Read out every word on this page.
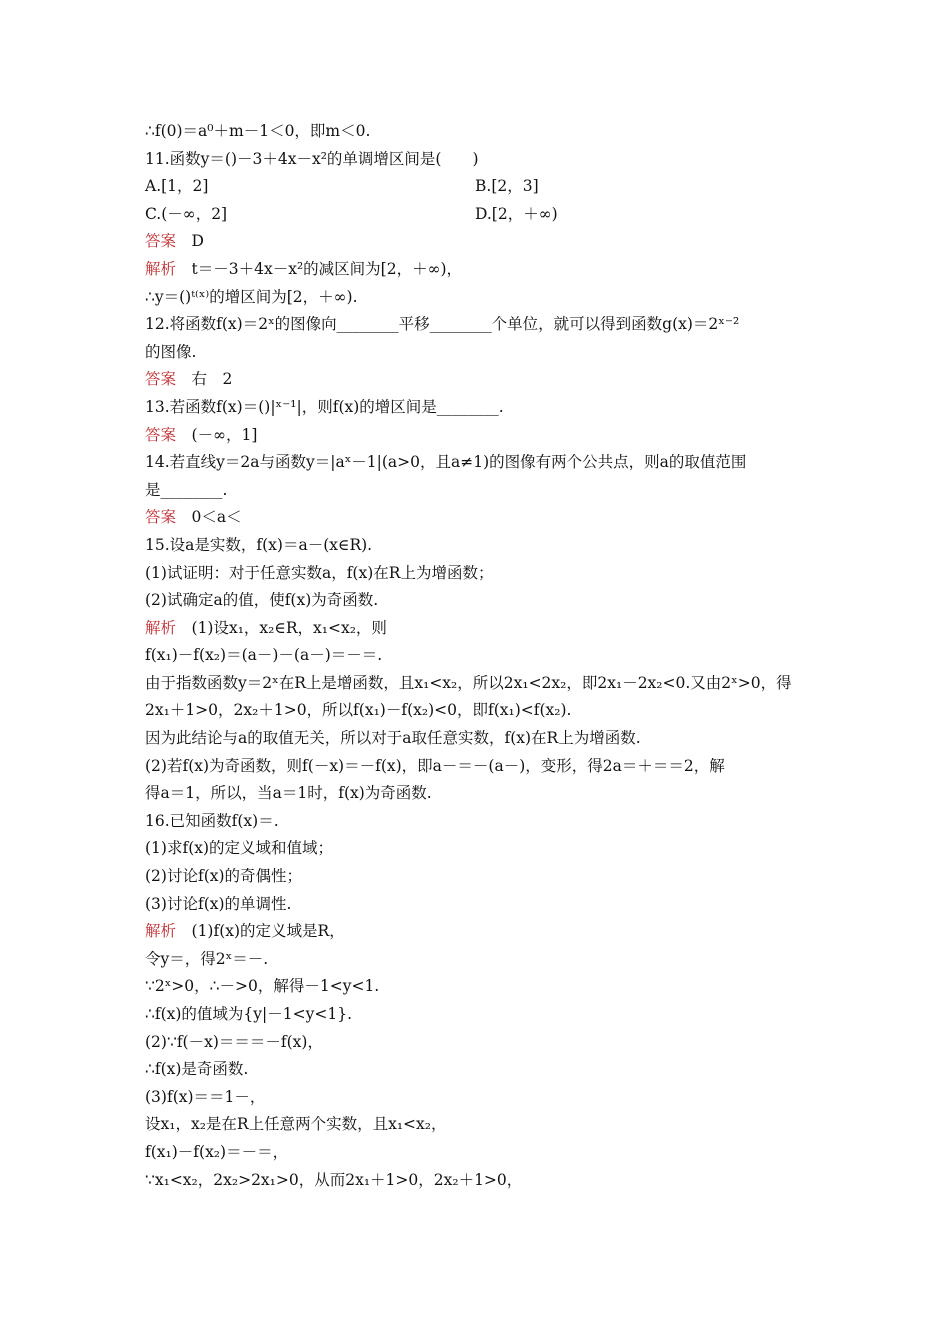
∴f(0)＝a⁰＋m－1＜0，即m＜0.
11.函数y＝()－3＋4x－x²的单调增区间是(　　)
A.[1，2]	B.[2，3]
C.(－∞，2]	D.[2，＋∞)
答案　D
解析　t＝－3＋4x－x²的减区间为[2，＋∞)，
∴y＝()ᵗ⁽ˣ⁾的增区间为[2，＋∞).
12.将函数f(x)＝2ˣ的图像向________平移________个单位，就可以得到函数g(x)＝2ˣ⁻²
的图像.
答案　右　2
13.若函数f(x)＝()|ˣ⁻¹|，则f(x)的增区间是________.
答案　(－∞，1]
14.若直线y＝2a与函数y＝|aˣ－1|(a>0，且a≠1)的图像有两个公共点，则a的取值范围
是________.
答案　0＜a＜
15.设a是实数，f(x)＝a－(x∈R).
(1)试证明：对于任意实数a，f(x)在R上为增函数；
(2)试确定a的值，使f(x)为奇函数.
解析　(1)设x₁，x₂∈R，x₁<x₂，则
f(x₁)－f(x₂)＝(a－)－(a－)＝－＝.
由于指数函数y＝2ˣ在R上是增函数，且x₁<x₂，所以2x₁<2x₂，即2x₁－2x₂<0.又由2ˣ>0，得
2x₁＋1>0，2x₂＋1>0，所以f(x₁)－f(x₂)<0，即f(x₁)<f(x₂).
因为此结论与a的取值无关，所以对于a取任意实数，f(x)在R上为增函数.
(2)若f(x)为奇函数，则f(－x)＝－f(x)，即a－＝－(a－)，变形，得2a＝＋＝＝2，解
得a＝1，所以，当a＝1时，f(x)为奇函数.
16.已知函数f(x)＝.
(1)求f(x)的定义域和值域；
(2)讨论f(x)的奇偶性；
(3)讨论f(x)的单调性.
解析　(1)f(x)的定义域是R，
令y＝，得2ˣ＝－.
∵2ˣ>0，∴－>0，解得－1<y<1.
∴f(x)的值域为{y|－1<y<1}.
(2)∵f(－x)＝＝＝－f(x)，
∴f(x)是奇函数.
(3)f(x)＝＝1－，
设x₁，x₂是在R上任意两个实数，且x₁<x₂，
f(x₁)－f(x₂)＝－＝，
∵x₁<x₂，2x₂>2x₁>0，从而2x₁＋1>0，2x₂＋1>0，
